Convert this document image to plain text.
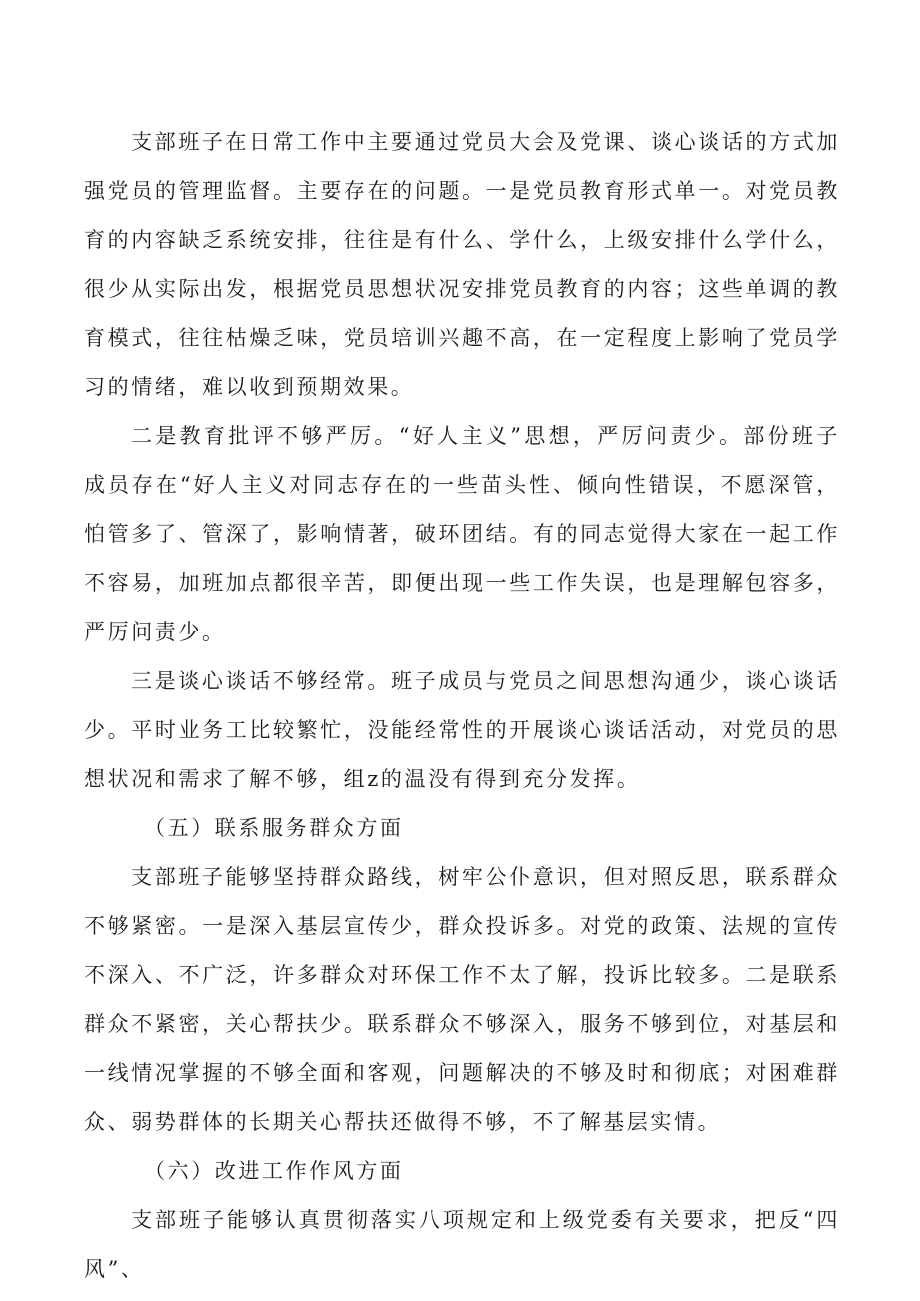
支部班子在日常工作中主要通过党员大会及党课、谈心谈话的方式加强党员的管理监督。主要存在的问题。一是党员教育形式单一。对党员教育的内容缺乏系统安排，往往是有什么、学什么，上级安排什么学什么，很少从实际出发，根据党员思想状况安排党员教育的内容；这些单调的教育模式，往往枯燥乏味，党员培训兴趣不高，在一定程度上影响了党员学习的情绪，难以收到预期效果。

二是教育批评不够严厉。“好人主义”思想，严厉问责少。部份班子成员存在“好人主义对同志存在的一些苗头性、倾向性错误，不愿深管，怕管多了、管深了，影响情著，破环团结。有的同志觉得大家在一起工作不容易，加班加点都很辛苦，即便出现一些工作失误，也是理解包容多，严厉问责少。

三是谈心谈话不够经常。班子成员与党员之间思想沟通少，谈心谈话少。平时业务工比较繁忙，没能经常性的开展谈心谈话活动，对党员的思想状况和需求了解不够，组z的温没有得到充分发挥。

（五）联系服务群众方面

支部班子能够坚持群众路线，树牢公仆意识，但对照反思，联系群众不够紧密。一是深入基层宣传少，群众投诉多。对党的政策、法规的宣传不深入、不广泛，许多群众对环保工作不太了解，投诉比较多。二是联系群众不紧密，关心帮扶少。联系群众不够深入，服务不够到位，对基层和一线情况掌握的不够全面和客观，问题解决的不够及时和彻底；对困难群众、弱势群体的长期关心帮扶还做得不够，不了解基层实情。

（六）改进工作作风方面

支部班子能够认真贯彻落实八项规定和上级党委有关要求，把反“四风”、
